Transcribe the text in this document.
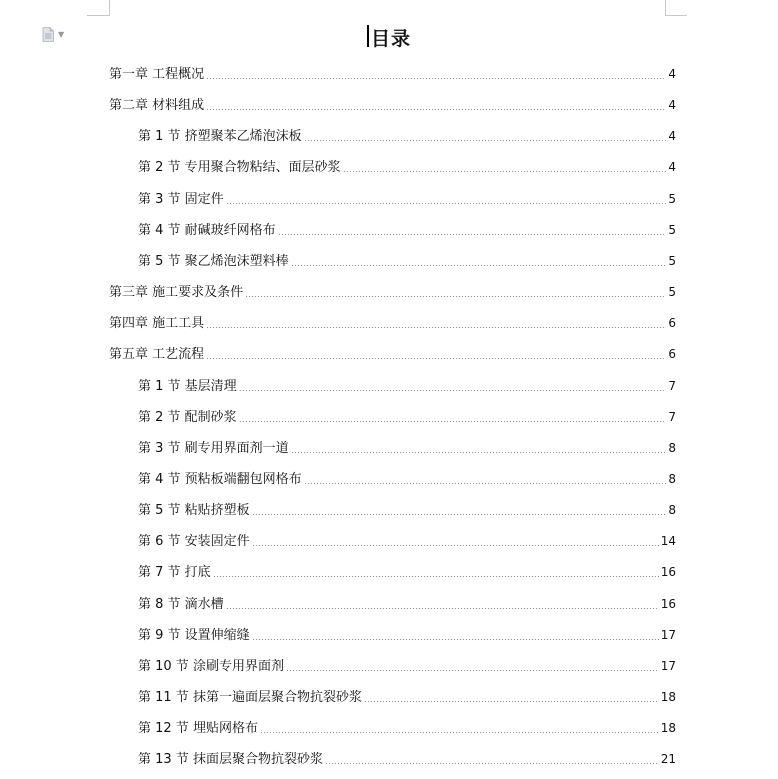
▼	目录
第一章 工程概况	4
第二章 材料组成	4
第 1 节 挤塑聚苯乙烯泡沫板	4
第 2 节 专用聚合物粘结、面层砂浆	4
第 3 节 固定件	5
第 4 节 耐碱玻纤网格布	5
第 5 节 聚乙烯泡沫塑料棒	5
第三章 施工要求及条件	5
第四章 施工工具	6
第五章 工艺流程	6
第 1 节 基层清理	7
第 2 节 配制砂浆	7
第 3 节 刷专用界面剂一道	8
第 4 节 预粘板端翻包网格布	8
第 5 节 粘贴挤塑板	8
第 6 节 安装固定件	14
第 7 节 打底	16
第 8 节 滴水槽	16
第 9 节 设置伸缩缝	17
第 10 节 涂刷专用界面剂	17
第 11 节 抹第一遍面层聚合物抗裂砂浆	18
第 12 节 埋贴网格布	18
第 13 节 抹面层聚合物抗裂砂浆	21
